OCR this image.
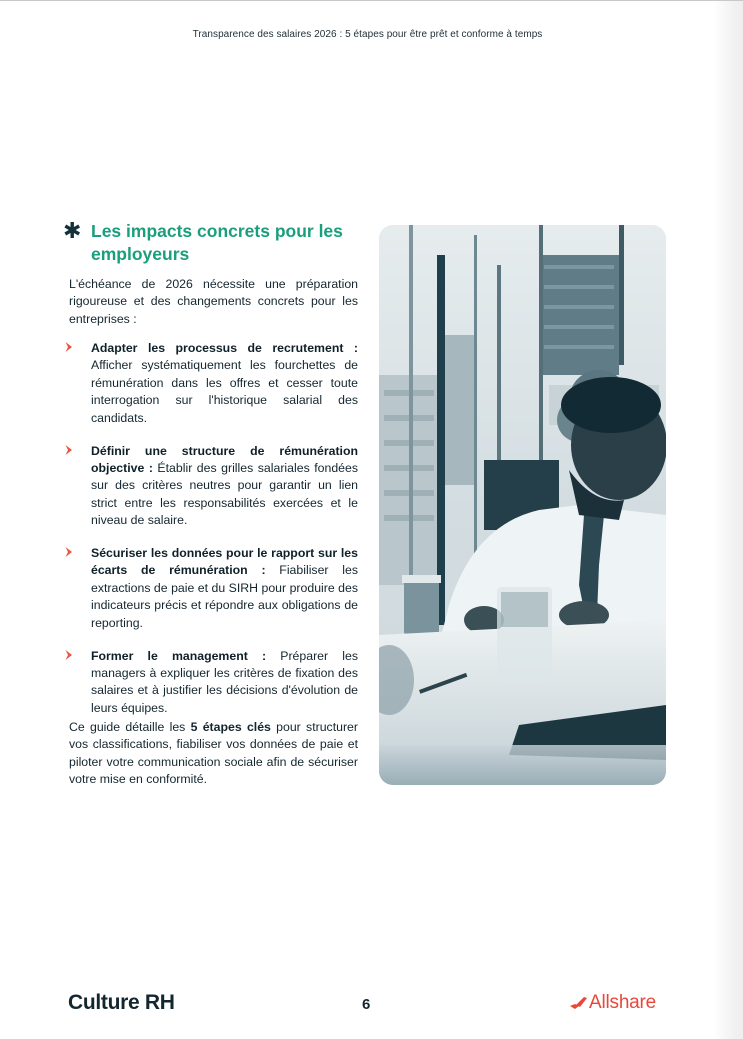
Transparence des salaires 2026 : 5 étapes pour être prêt et conforme à temps
✱ Les impacts concrets pour les employeurs

L'échéance de 2026 nécessite une préparation rigoureuse et des changements concrets pour les entreprises :

Adapter les processus de recrutement : Afficher systématiquement les fourchettes de rémunération dans les offres et cesser toute interrogation sur l'historique salarial des candidats.
Définir une structure de rémunération objective : Établir des grilles salariales fondées sur des critères neutres pour garantir un lien strict entre les responsabilités exercées et le niveau de salaire.
Sécuriser les données pour le rapport sur les écarts de rémunération : Fiabiliser les extractions de paie et du SIRH pour produire des indicateurs précis et répondre aux obligations de reporting.
Former le management : Préparer les managers à expliquer les critères de fixation des salaires et à justifier les décisions d'évolution de leurs équipes.

Ce guide détaille les 5 étapes clés pour structurer vos classifications, fiabiliser vos données de paie et piloter votre communication sociale afin de sécuriser votre mise en conformité.

Culture RH	6	Allshare
